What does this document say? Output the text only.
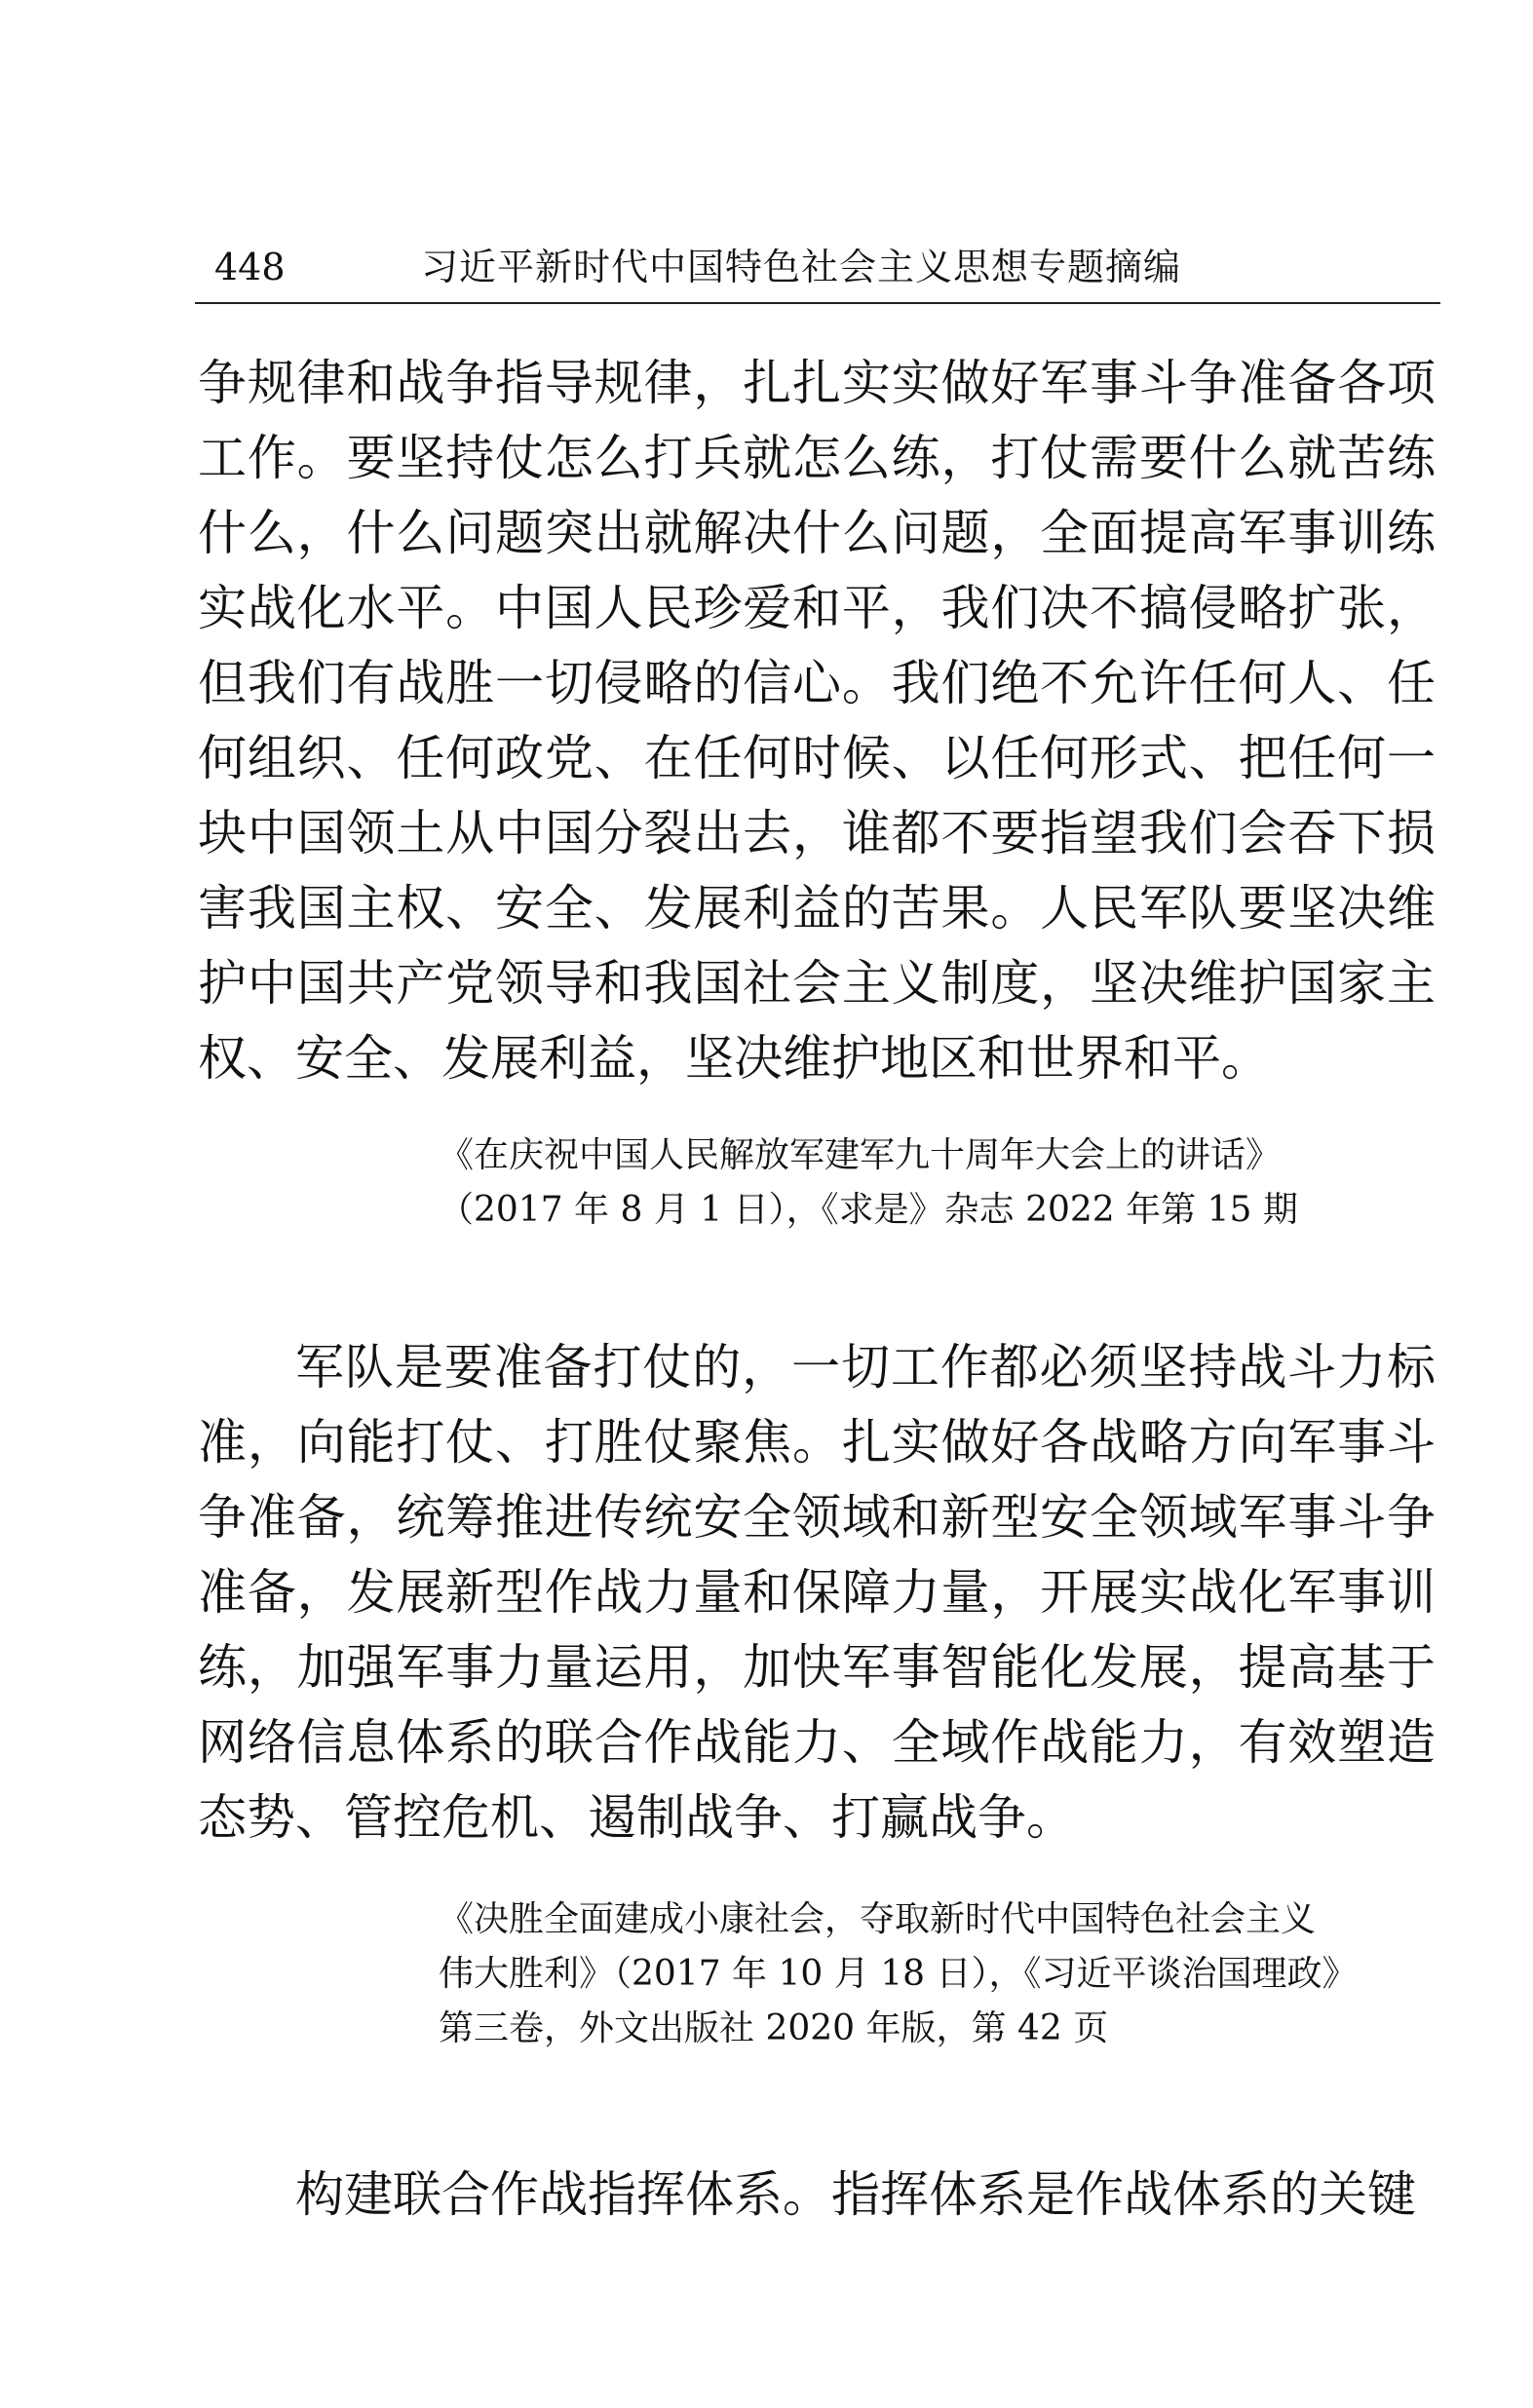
448	习近平新时代中国特色社会主义思想专题摘编

争规律和战争指导规律，扎扎实实做好军事斗争准备各项工作。要坚持仗怎么打兵就怎么练，打仗需要什么就苦练什么，什么问题突出就解决什么问题，全面提高军事训练实战化水平。中国人民珍爱和平，我们决不搞侵略扩张，但我们有战胜一切侵略的信心。我们绝不允许任何人、任何组织、任何政党、在任何时候、以任何形式、把任何一块中国领土从中国分裂出去，谁都不要指望我们会吞下损害我国主权、安全、发展利益的苦果。人民军队要坚决维护中国共产党领导和我国社会主义制度，坚决维护国家主权、安全、发展利益，坚决维护地区和世界和平。

《在庆祝中国人民解放军建军九十周年大会上的讲话》
（2017 年 8 月 1 日），《求是》杂志 2022 年第 15 期

军队是要准备打仗的，一切工作都必须坚持战斗力标准，向能打仗、打胜仗聚焦。扎实做好各战略方向军事斗争准备，统筹推进传统安全领域和新型安全领域军事斗争准备，发展新型作战力量和保障力量，开展实战化军事训练，加强军事力量运用，加快军事智能化发展，提高基于网络信息体系的联合作战能力、全域作战能力，有效塑造态势、管控危机、遏制战争、打赢战争。

《决胜全面建成小康社会，夺取新时代中国特色社会主义
伟大胜利》（2017 年 10 月 18 日），《习近平谈治国理政》
第三卷，外文出版社 2020 年版，第 42 页

构建联合作战指挥体系。指挥体系是作战体系的关键
